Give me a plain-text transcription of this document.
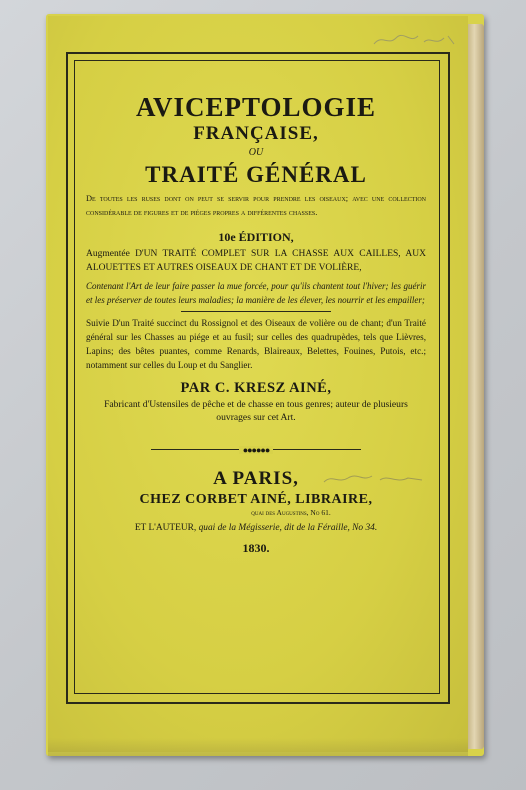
AVICEPTOLOGIE
FRANÇAISE,
OU
TRAITÉ GÉNÉRAL
De toutes les ruses dont on peut se servir pour prendre les oiseaux; avec une collection considérable de figures et de piéges propres a différentes chasses.
10e ÉDITION,
Augmentée D'UN TRAITÉ COMPLET SUR LA CHASSE AUX CAILLES, AUX ALOUETTES ET AUTRES OISEAUX DE CHANT ET DE VOLIÈRE,
Contenant l'Art de leur faire passer la mue forcée, pour qu'ils chantent tout l'hiver; les guérir et les préserver de toutes leurs maladies; la manière de les élever, les nourrir et les empailler;
Suivie D'un Traité succinct du Rossignol et des Oiseaux de volière ou de chant; d'un Traité général sur les Chasses au piége et au fusil; sur celles des quadrupèdes, tels que Lièvres, Lapins; des bêtes puantes, comme Renards, Blaireaux, Belettes, Fouines, Putois, etc.; notamment sur celles du Loup et du Sanglier.
PAR C. KRESZ AINÉ,
Fabricant d'Ustensiles de pêche et de chasse en tous genres; auteur de plusieurs ouvrages sur cet Art.
●●●●●●
A PARIS,
CHEZ CORBET AINÉ, LIBRAIRE,
quai des Augustins, No 61.
ET L'AUTEUR, quai de la Mégisserie, dit de la Féraille, No 34.
1830.
